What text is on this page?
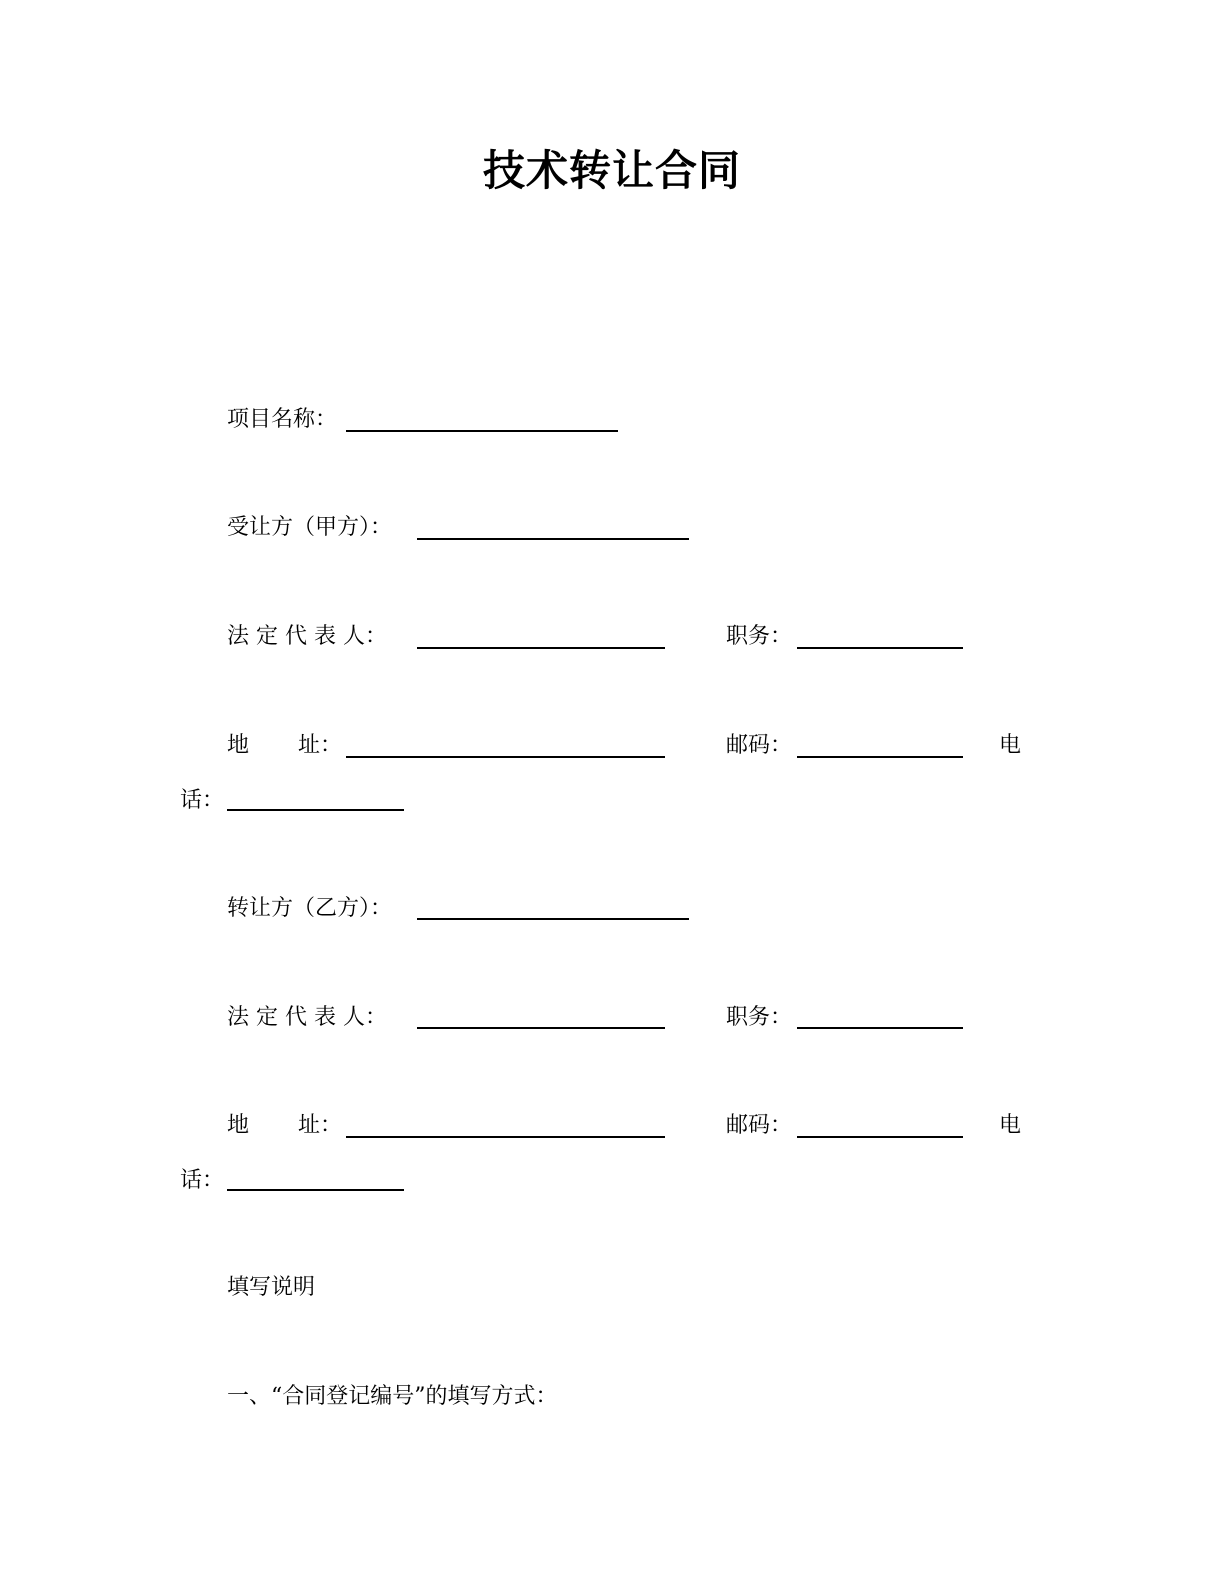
技术转让合同
项目名称：
受让方（甲方）：
法 定 代 表 人：	职务：
地 址：	邮码：	电
话：
转让方（乙方）：
法 定 代 表 人：	职务：
地 址：	邮码：	电
话：
填写说明
一、“合同登记编号”的填写方式：
